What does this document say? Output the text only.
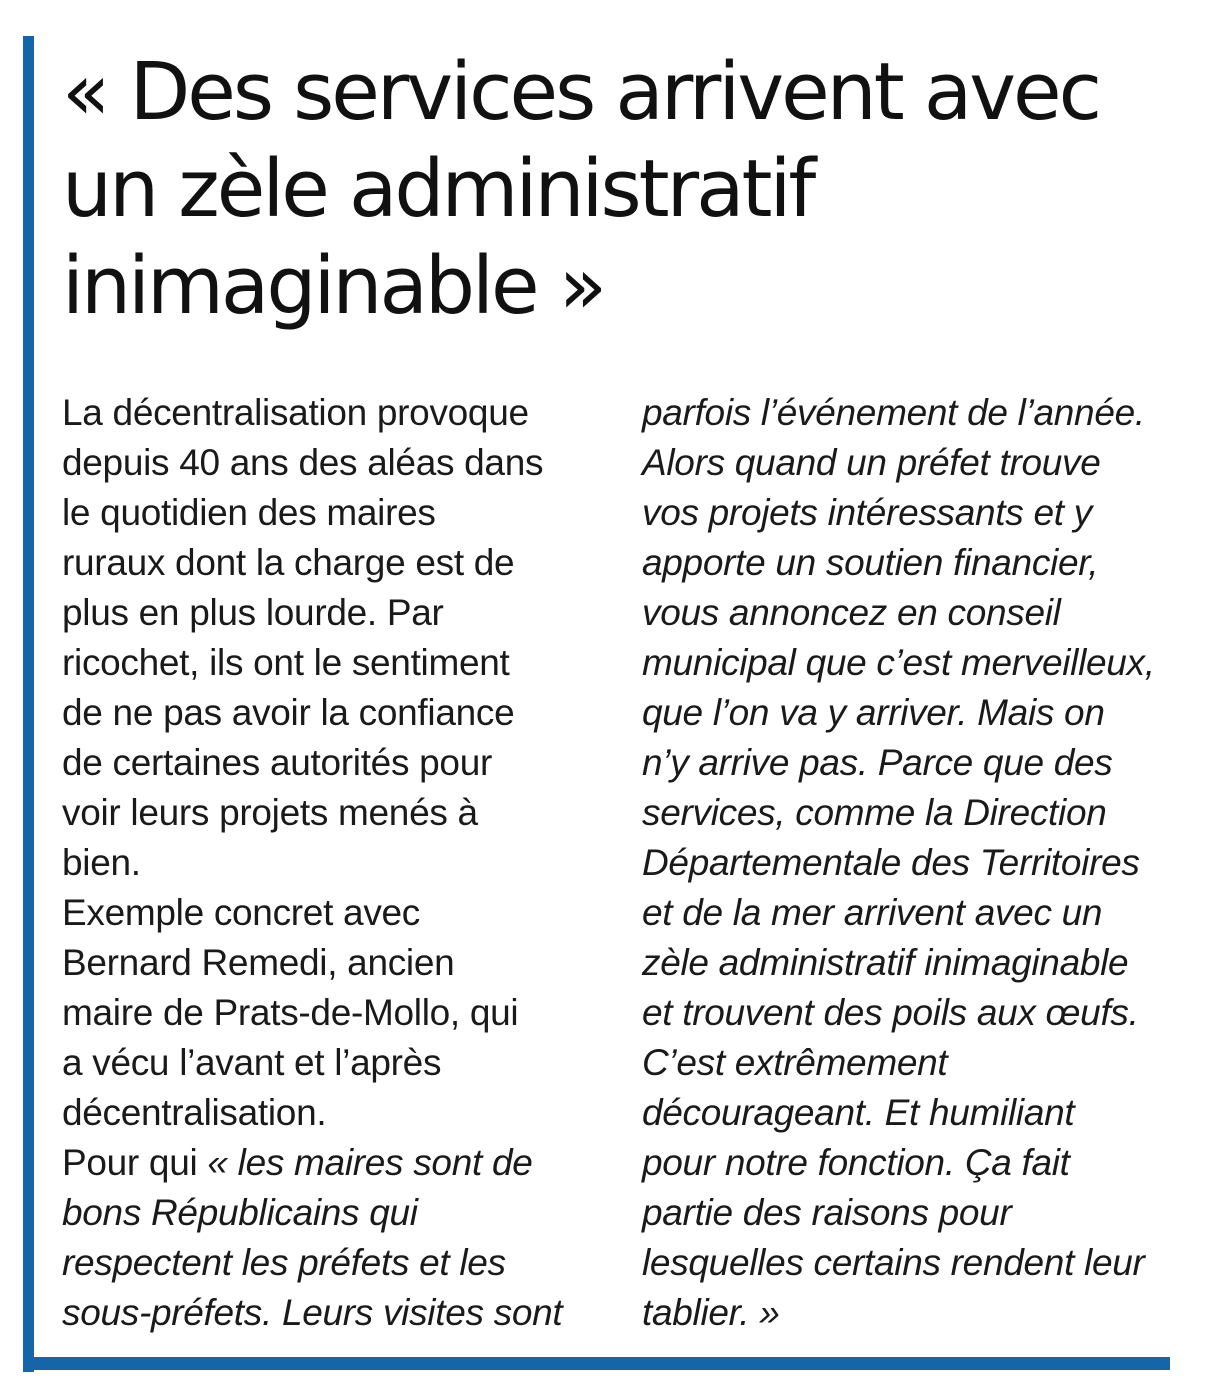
« Des services arrivent avec
un zèle administratif
inimaginable »
La décentralisation provoque
depuis 40 ans des aléas dans
le quotidien des maires
ruraux dont la charge est de
plus en plus lourde. Par
ricochet, ils ont le sentiment
de ne pas avoir la confiance
de certaines autorités pour
voir leurs projets menés à
bien.
Exemple concret avec
Bernard Remedi, ancien
maire de Prats-de-Mollo, qui
a vécu l’avant et l’après
décentralisation.
Pour qui « les maires sont de
bons Républicains qui
respectent les préfets et les
sous-préfets. Leurs visites sont
parfois l’événement de l’année.
Alors quand un préfet trouve
vos projets intéressants et y
apporte un soutien financier,
vous annoncez en conseil
municipal que c’est merveilleux,
que l’on va y arriver. Mais on
n’y arrive pas. Parce que des
services, comme la Direction
Départementale des Territoires
et de la mer arrivent avec un
zèle administratif inimaginable
et trouvent des poils aux œufs.
C’est extrêmement
décourageant. Et humiliant
pour notre fonction. Ça fait
partie des raisons pour
lesquelles certains rendent leur
tablier. »
